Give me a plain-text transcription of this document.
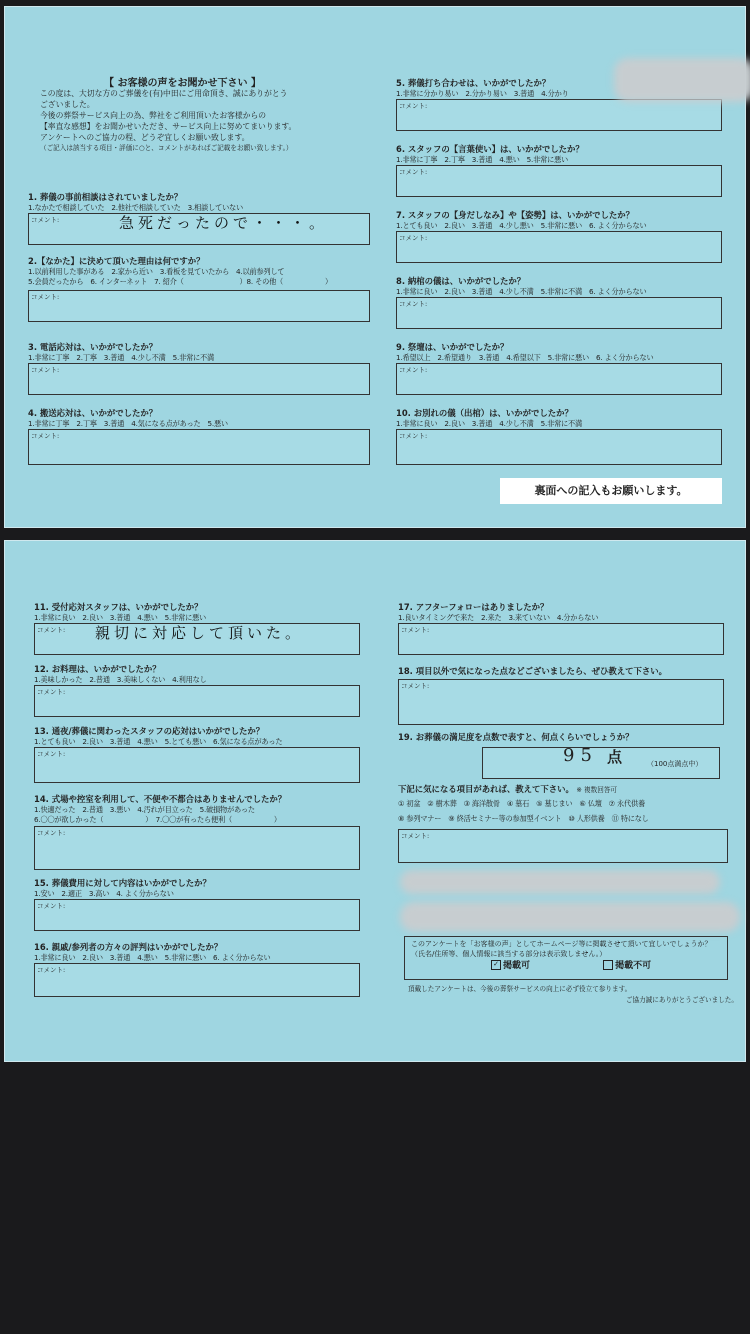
【 お客様の声をお聞かせ下さい 】
この度は、大切な方のご葬儀を(有)中田にご用命頂き、誠にありがとう
ございました。
今後の葬祭サービス向上の為、弊社をご利用頂いたお客様からの
【率直な感想】をお聞かせいただき、サービス向上に努めてまいります。
アンケートへのご協力の程、どうぞ宜しくお願い致します。
（ご記入は該当する項目・評価に○と、コメントがあればご記載をお願い致します。）
1. 葬儀の事前相談はされていましたか？
1.なかたで相談していた　2.他社で相談していた　3.相談していない
コメント:	急死だったので・・・。
2.【なかた】に決めて頂いた理由は何ですか？
1.以前利用した事がある　2.家から近い　3.看板を見ていたから　4.以前参列して
5.会員だったから　6. インターネット　7. 紹介（　　　　　　　　）8. その他（　　　　　　）
コメント:
3. 電話応対は、いかがでしたか？
1.非常に丁寧　2.丁寧　3.普通　4.少し不満　5.非常に不満
コメント:
4. 搬送応対は、いかがでしたか？
1.非常に丁寧　2.丁寧　3.普通　4.気になる点があった　5.悪い
コメント:
5. 葬儀打ち合わせは、いかがでしたか？
1.非常に分かり易い　2.分かり易い　3.普通　4.分かり
コメント:
6. スタッフの【言葉使い】は、いかがでしたか？
1.非常に丁寧　2.丁寧　3.普通　4.悪い　5.非常に悪い
コメント:
7. スタッフの【身だしなみ】や【姿勢】は、いかがでしたか？
1.とても良い　2.良い　3.普通　4.少し悪い　5.非常に悪い　6. よく分からない
コメント:
8. 納棺の儀は、いかがでしたか？
1.非常に良い　2.良い　3.普通　4.少し不満　5.非常に不満　6. よく分からない
コメント:
9. 祭壇は、いかがでしたか？
1.希望以上　2.希望通り　3.普通　4.希望以下　5.非常に悪い　6. よく分からない
コメント:
10. お別れの儀（出棺）は、いかがでしたか？
1.非常に良い　2.良い　3.普通　4.少し不満　5.非常に不満
コメント:
裏面への記入もお願いします。
11. 受付応対スタッフは、いかがでしたか？
1.非常に良い　2.良い　3.普通　4.悪い　5.非常に悪い
コメント: 親切に対応して頂いた。
12. お料理は、いかがでしたか？
1.美味しかった　2.普通　3.美味しくない　4.利用なし
コメント:
13. 通夜/葬儀に関わったスタッフの応対はいかがでしたか？
1.とても良い　2.良い　3.普通　4.悪い　5.とても悪い　6.気になる点があった
コメント:
14. 式場や控室を利用して、不便や不都合はありませんでしたか？
1.快適だった　2.普通　3.悪い　4.汚れが目立った　5.破損物があった
6.〇〇が欲しかった（　　　　　　）　7.〇〇が有ったら便利（　　　　　　）
コメント:
15. 葬儀費用に対して内容はいかがでしたか？
1.安い　2.適正　3.高い　4. よく分からない
コメント:
16. 親戚/参列者の方々の評判はいかがでしたか？
1.非常に良い　2.良い　3.普通　4.悪い　5.非常に悪い　6. よく分からない
コメント:
17. アフターフォローはありましたか？
1.良いタイミングで来た　2.来た　3.来ていない　4.分からない
コメント:
18. 項目以外で気になった点などございましたら、ぜひ教えて下さい。
コメント:
19. お葬儀の満足度を点数で表すと、何点くらいでしょうか？
95 点	（100点満点中）
下記に気になる項目があれば、教えて下さい。 ※ 複数回答可
① 初盆　② 樹木葬　③ 海洋散骨　④ 墓石　⑤ 墓じまい　⑥ 仏壇　⑦ 永代供養
⑧ 参列マナー　⑨ 終活セミナー等の参加型イベント　⑩ 人形供養　⑪ 特になし
コメント:
このアンケートを「お客様の声」としてホームページ等に掲載させて頂いて宜しいでしょうか？（氏名/住所等、個人情報に該当する部分は表示致しません。）
✓ 掲載可	掲載不可
頂戴したアンケートは、今後の葬祭サービスの向上に必ず役立て参ります。
ご協力誠にありがとうございました。
